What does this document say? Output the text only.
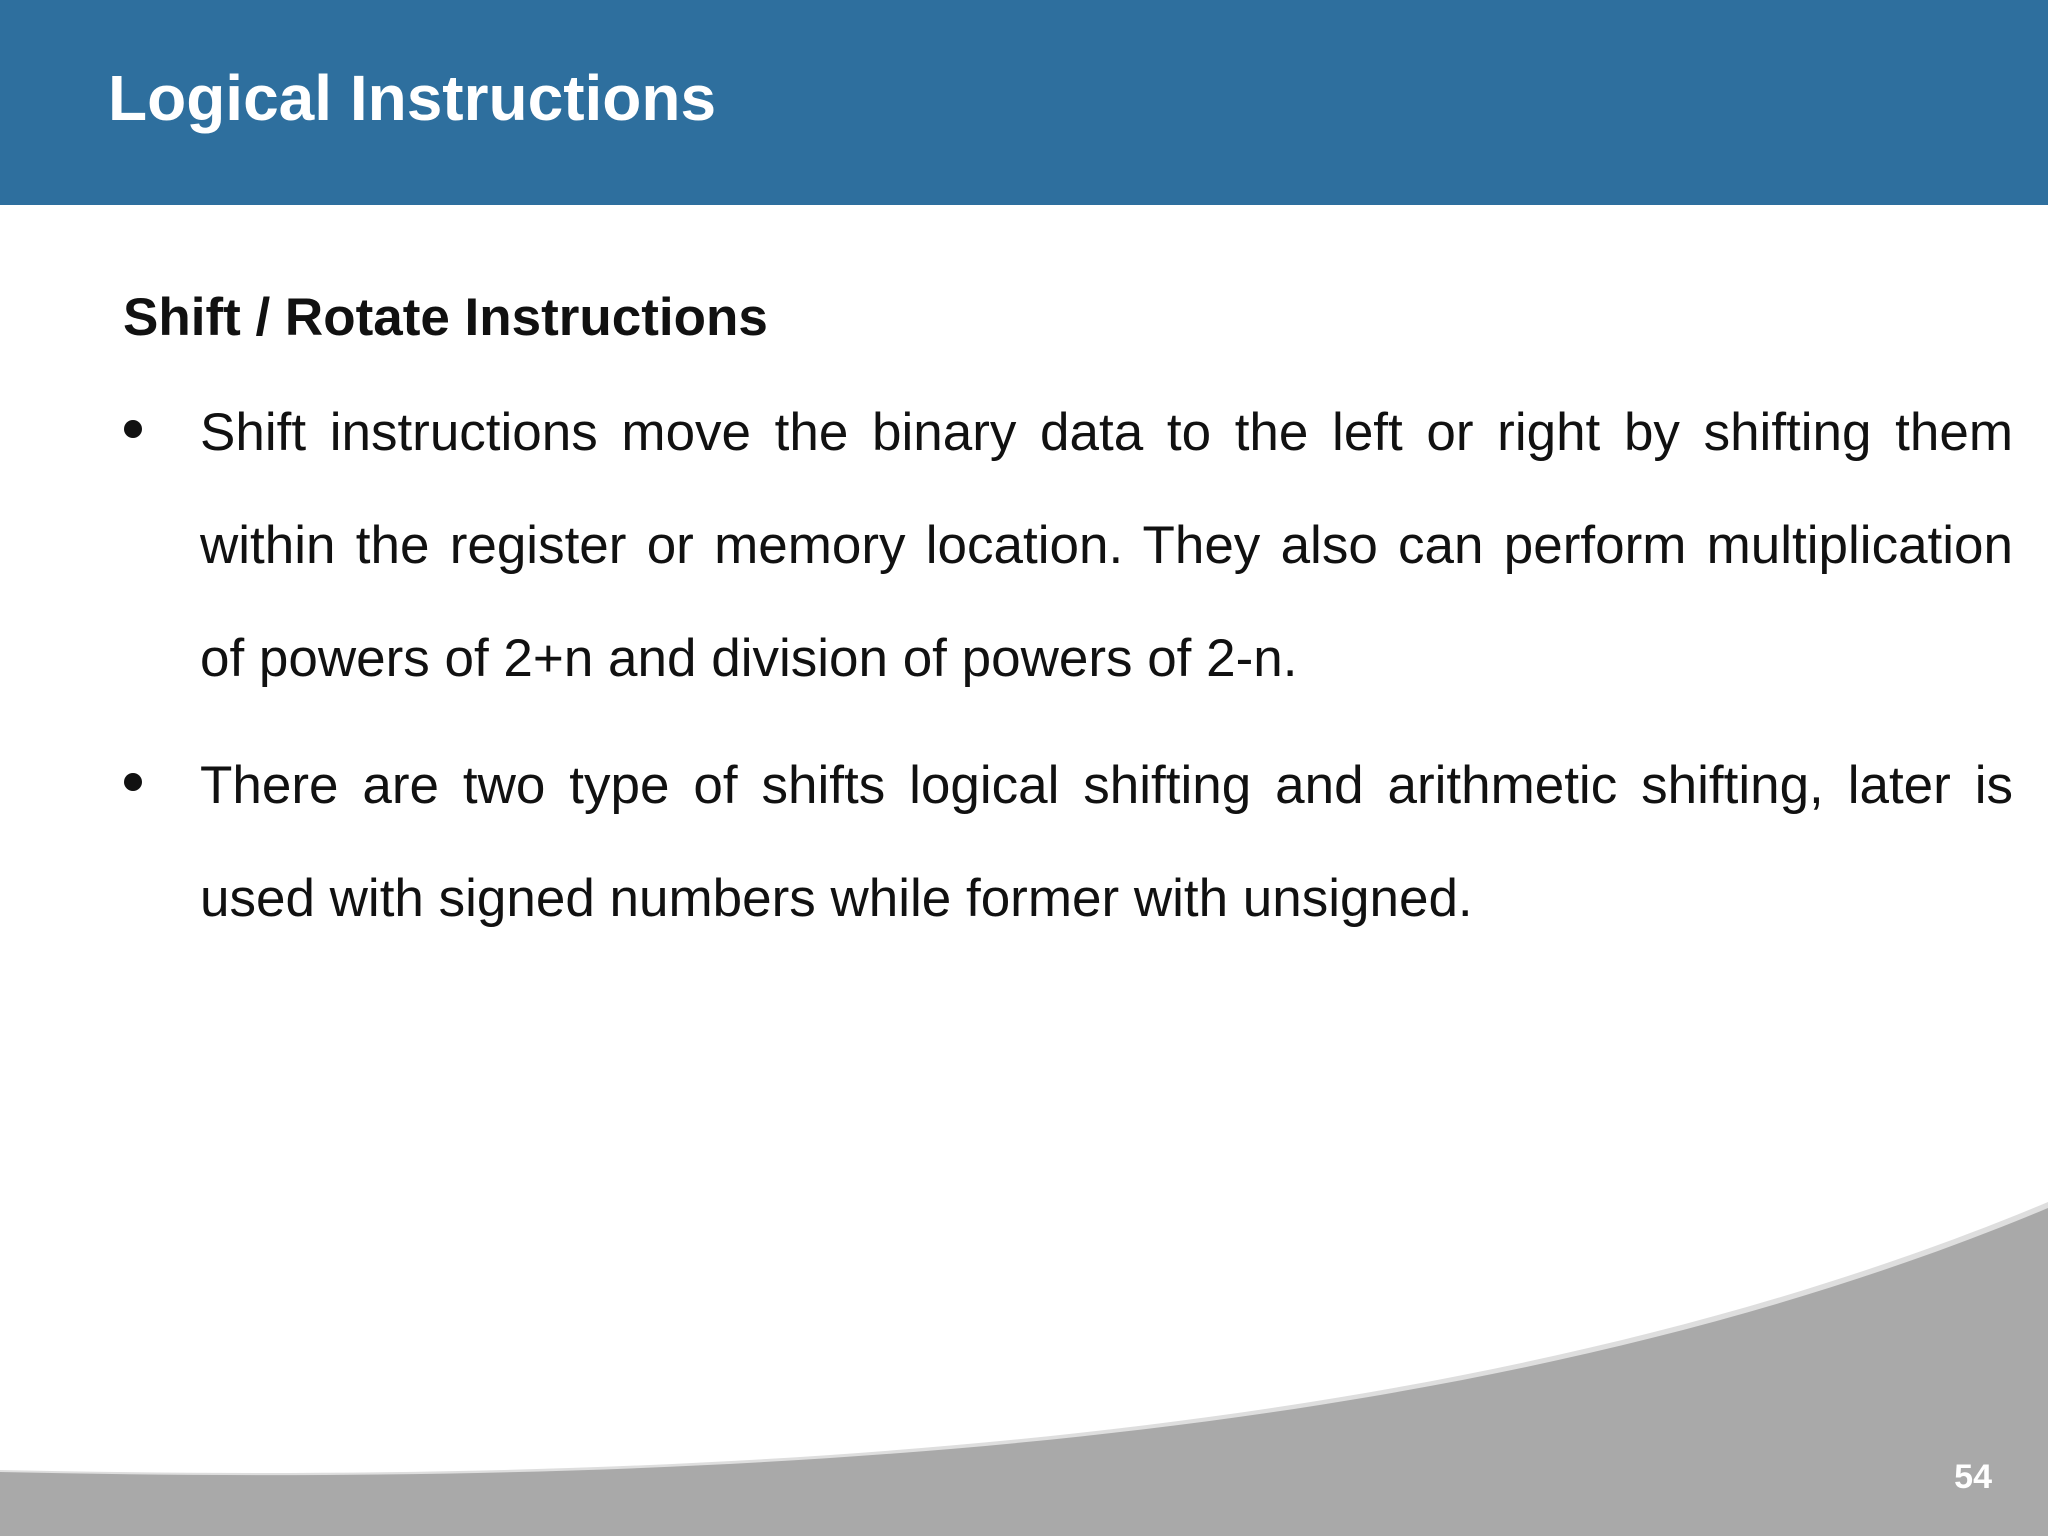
Logical Instructions
Shift / Rotate Instructions

Shift instructions move the binary data to the left or right by shifting them within the register or memory location. They also can perform multiplication of powers of 2+n and division of powers of 2-n.

There are two type of shifts logical shifting and arithmetic shifting, later is used with signed numbers while former with unsigned.

54
